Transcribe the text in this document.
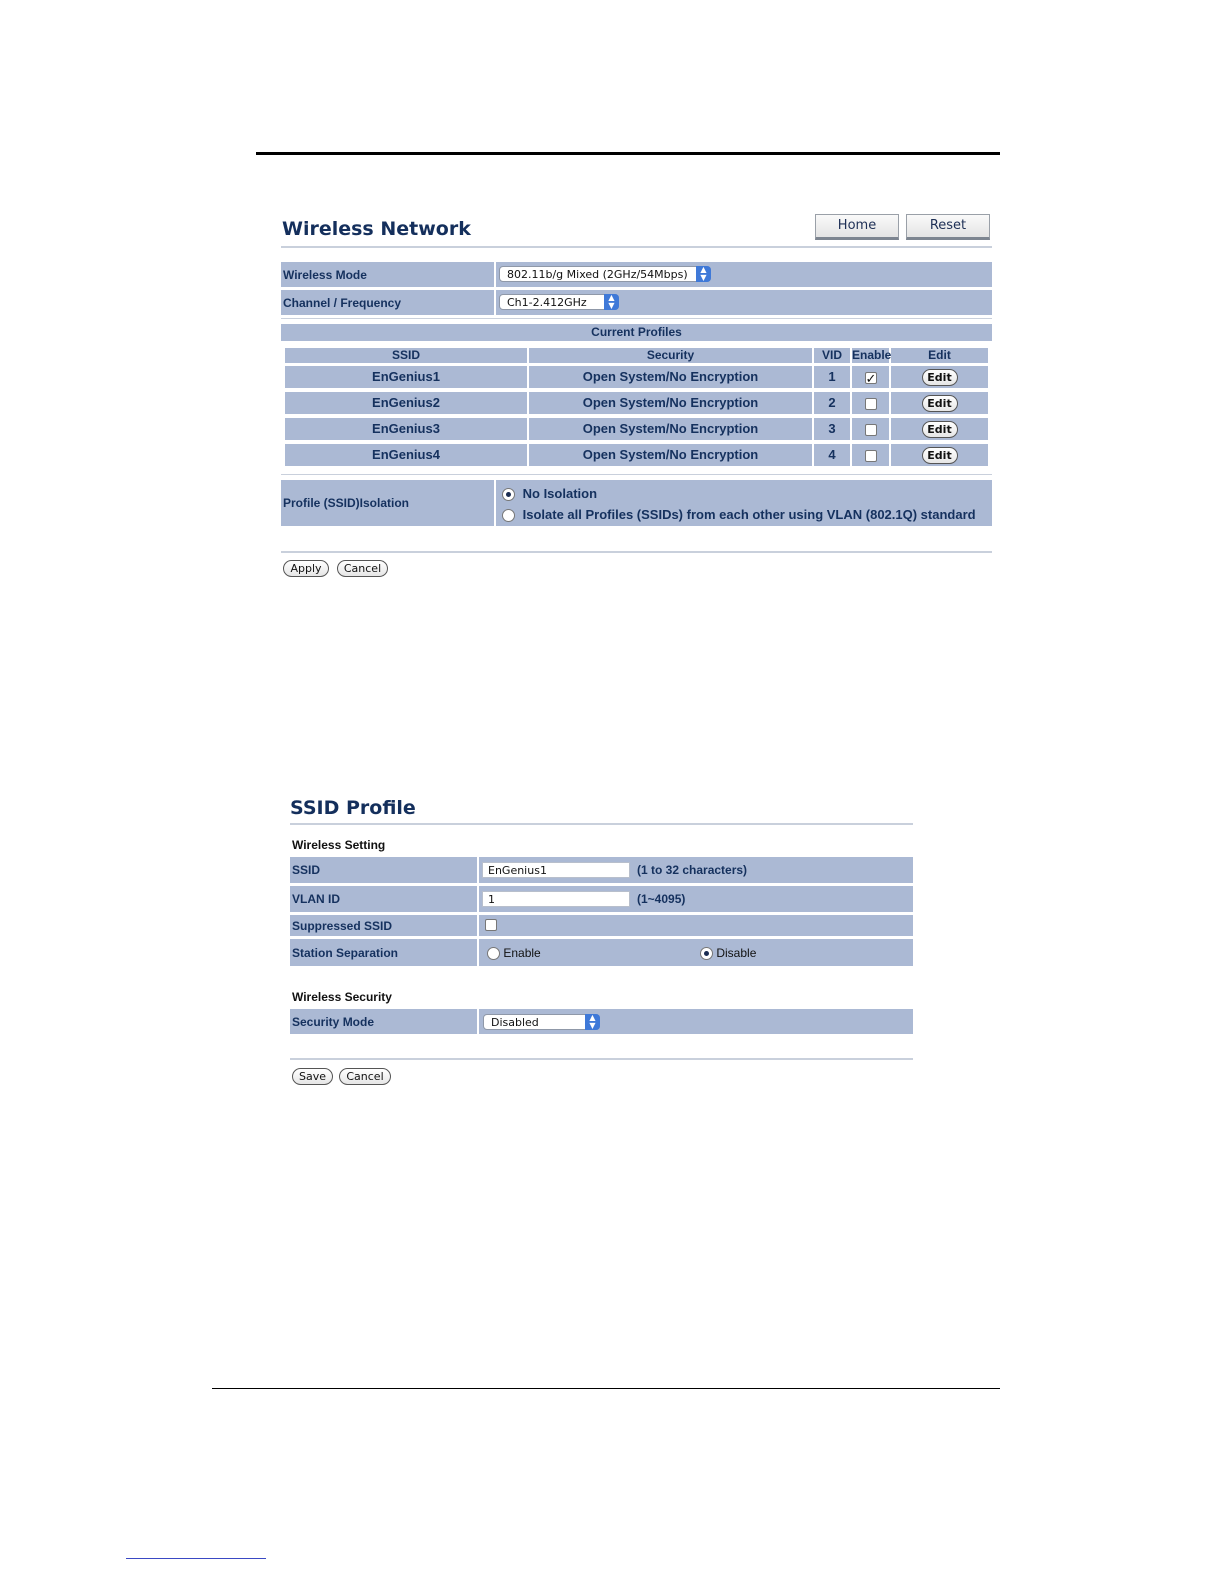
Wireless Network	Home	Reset
Wireless Mode	802.11b/g Mixed (2GHz/54Mbps)	▲
▼
Channel / Frequency	Ch1-2.412GHz	▲
▼
Current Profiles
SSID	Security	VID Enable	Edit
EnGenius1	Open System/No Encryption	1
✓	Edit
EnGenius2	Open System/No Encryption	2	Edit
EnGenius3	Open System/No Encryption	3	Edit
EnGenius4	Open System/No Encryption	4	Edit
Profile (SSID)Isolation
No Isolation
Isolate all Profiles (SSIDs) from each other using VLAN (802.1Q) standard
Apply	Cancel
SSID Profile
Wireless Setting
SSID	EnGenius1	(1 to 32 characters)
VLAN ID	1	(1~4095)
Suppressed SSID
Station Separation	Enable	Disable
Wireless Security
Security Mode	Disabled	▲
▼
Save	Cancel
